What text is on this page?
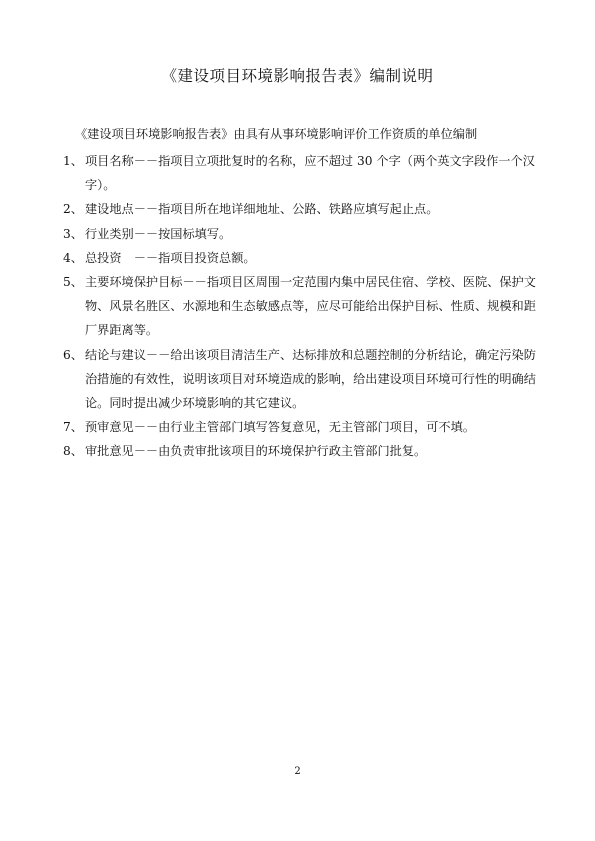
《建设项目环境影响报告表》编制说明
《建设项目环境影响报告表》由具有从事环境影响评价工作资质的单位编制
1、 项目名称－－指项目立项批复时的名称，应不超过 30 个字（两个英文字段作一个汉字）。
2、 建设地点－－指项目所在地详细地址、公路、铁路应填写起止点。
3、 行业类别－－按国标填写。
4、 总投资　－－指项目投资总额。
5、 主要环境保护目标－－指项目区周围一定范围内集中居民住宿、学校、医院、保护文物、风景名胜区、水源地和生态敏感点等，应尽可能给出保护目标、性质、规模和距厂界距离等。
6、 结论与建议－－给出该项目清洁生产、达标排放和总题控制的分析结论，确定污染防治措施的有效性，说明该项目对环境造成的影响，给出建设项目环境可行性的明确结论。同时提出减少环境影响的其它建议。
7、 预审意见－－由行业主管部门填写答复意见，无主管部门项目，可不填。
8、 审批意见－－由负责审批该项目的环境保护行政主管部门批复。
2
